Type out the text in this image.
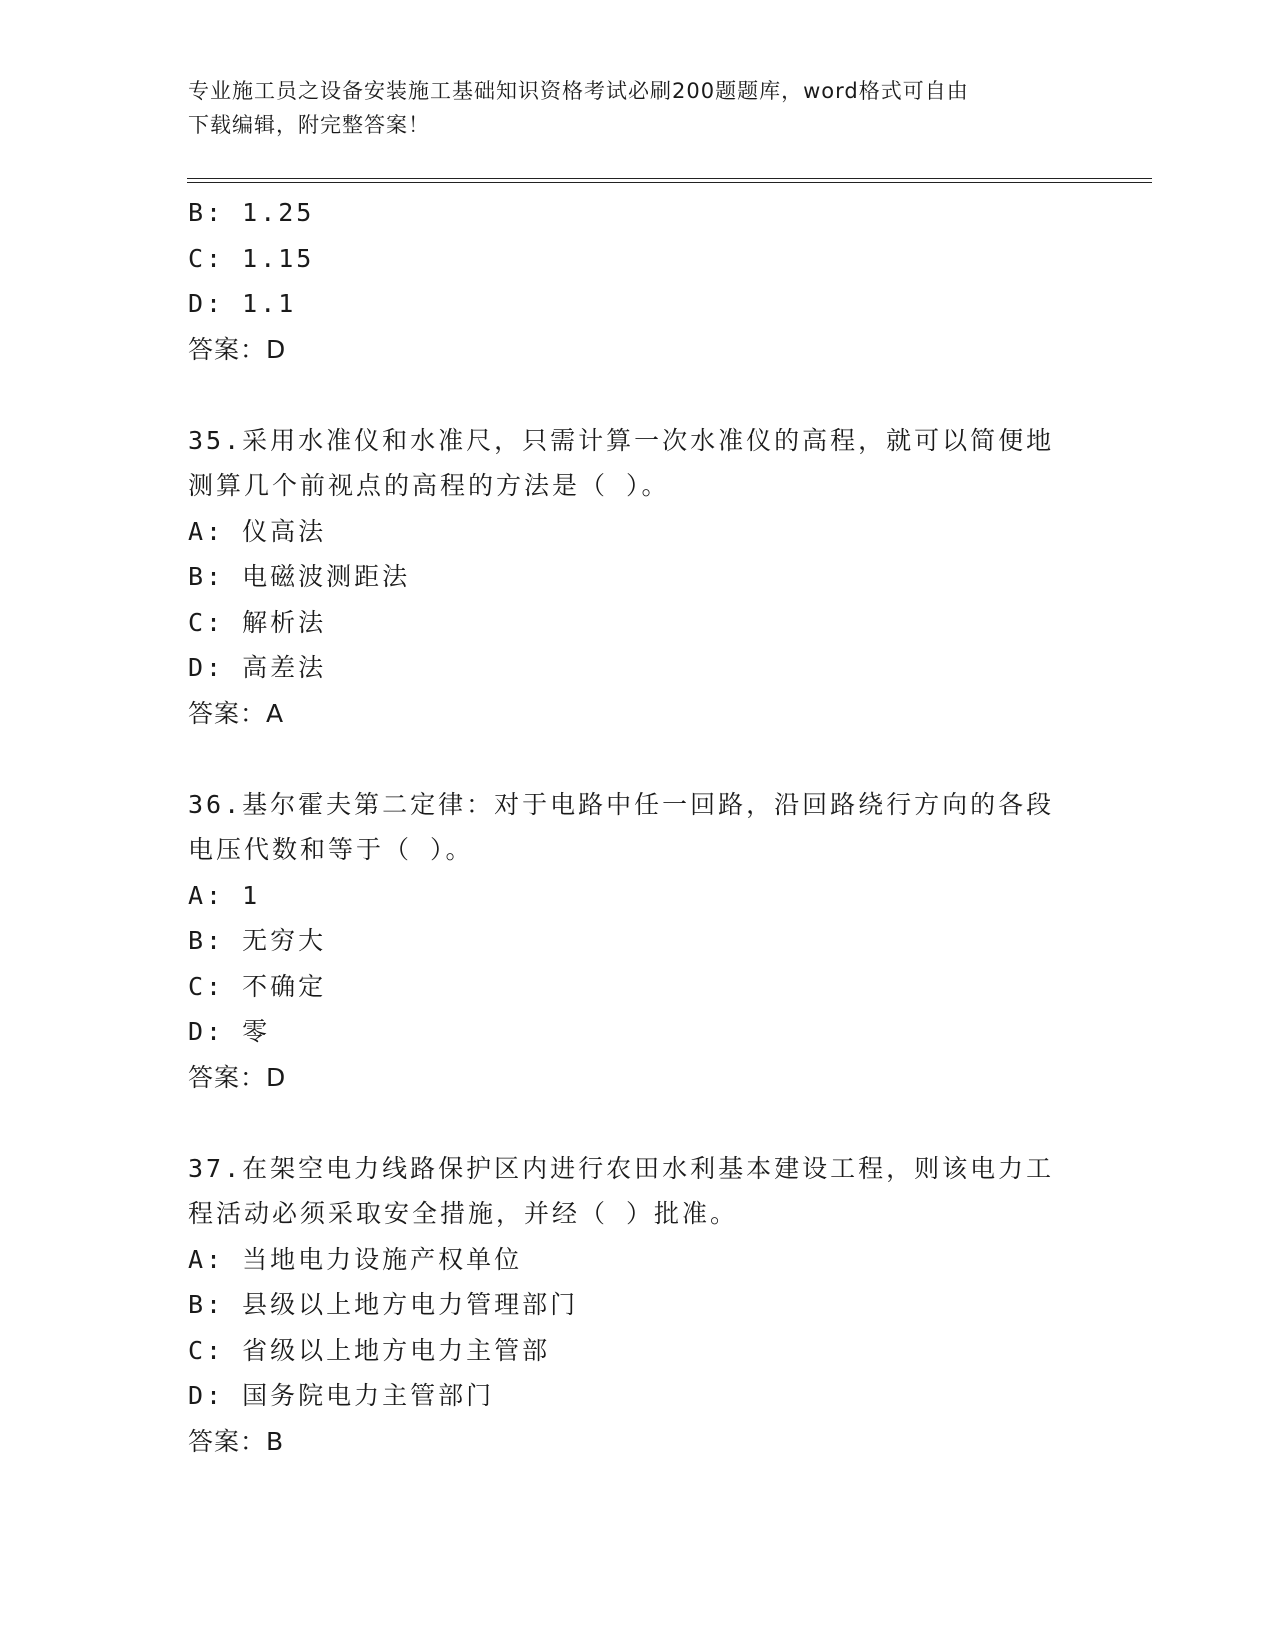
专业施工员之设备安装施工基础知识资格考试必刷200题题库，word格式可自由
下载编辑，附完整答案！
B: 1.25
C: 1.15
D: 1.1
答案：D
35.采用水准仪和水准尺，只需计算一次水准仪的高程，就可以简便地
测算几个前视点的高程的方法是（ ）。
A: 仪高法
B: 电磁波测距法
C: 解析法
D: 高差法
答案：A
36.基尔霍夫第二定律：对于电路中任一回路，沿回路绕行方向的各段
电压代数和等于（ ）。
A: 1
B: 无穷大
C: 不确定
D: 零
答案：D
37.在架空电力线路保护区内进行农田水利基本建设工程，则该电力工
程活动必须采取安全措施，并经（ ）批准。
A: 当地电力设施产权单位
B: 县级以上地方电力管理部门
C: 省级以上地方电力主管部
D: 国务院电力主管部门
答案：B
